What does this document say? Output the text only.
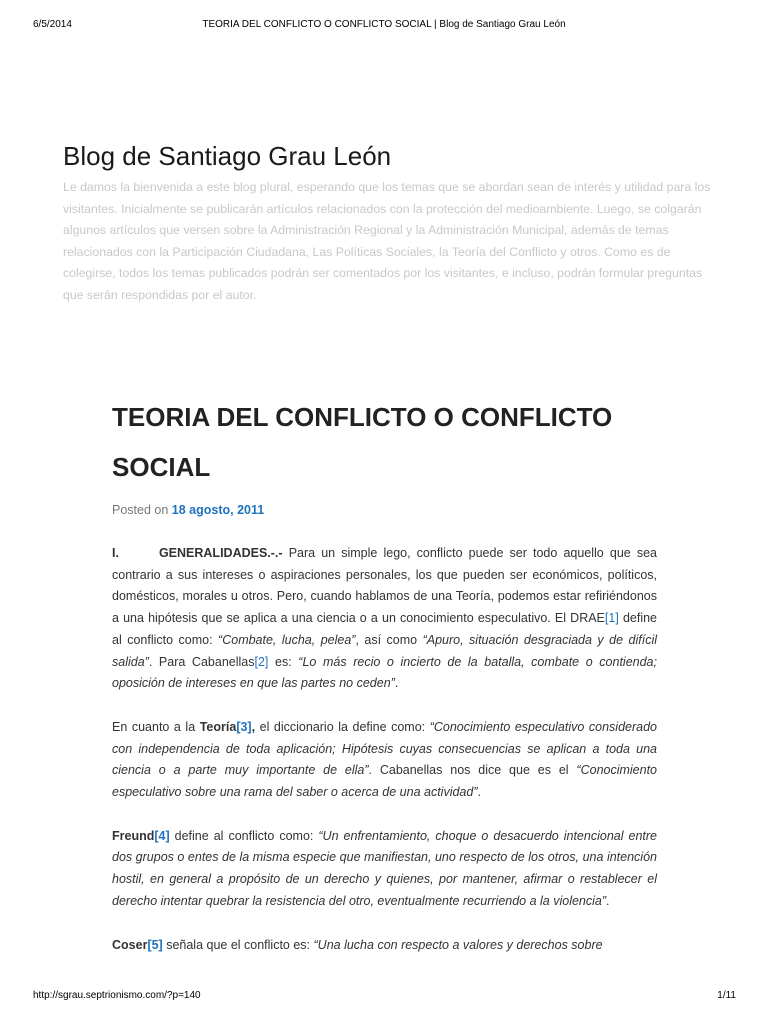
6/5/2014	TEORIA DEL CONFLICTO O CONFLICTO SOCIAL | Blog de Santiago Grau León
Blog de Santiago Grau León

Le damos la bienvenida a este blog plural, esperando que los temas que se abordan sean de interés y utilidad para los visitantes. Inicialmente se publicarán artículos relacionados con la protección del medioambiente. Luego, se colgarán algunos artículos que versen sobre la Administración Regional y la Administración Municipal, además de temas relacionados con la Participación Ciudadana, Las Políticas Sociales, la Teoría del Conflicto y otros. Como es de colegirse, todos los temas publicados podrán ser comentados por los visitantes, e incluso, podrán formular preguntas que serán respondidas por el autor.

TEORIA DEL CONFLICTO O CONFLICTO SOCIAL
Posted on 18 agosto, 2011

I.	GENERALIDADES.-.- Para un simple lego, conflicto puede ser todo aquello que sea contrario a sus intereses o aspiraciones personales, los que pueden ser económicos, políticos, domésticos, morales u otros. Pero, cuando hablamos de una Teoría, podemos estar refiriéndonos a una hipótesis que se aplica a una ciencia o a un conocimiento especulativo. El DRAE[1] define al conflicto como: “Combate, lucha, pelea”, así como “Apuro, situación desgraciada y de difícil salida”. Para Cabanellas[2] es: “Lo más recio o incierto de la batalla, combate o contienda; oposición de intereses en que las partes no ceden”.

En cuanto a la Teoría[3], el diccionario la define como: “Conocimiento especulativo considerado con independencia de toda aplicación; Hipótesis cuyas consecuencias se aplican a toda una ciencia o a parte muy importante de ella”. Cabanellas nos dice que es el “Conocimiento especulativo sobre una rama del saber o acerca de una actividad”.

Freund[4] define al conflicto como: “Un enfrentamiento, choque o desacuerdo intencional entre dos grupos o entes de la misma especie que manifiestan, uno respecto de los otros, una intención hostil, en general a propósito de un derecho y quienes, por mantener, afirmar o restablecer el derecho intentar quebrar la resistencia del otro, eventualmente recurriendo a la violencia”.

Coser[5] señala que el conflicto es: “Una lucha con respecto a valores y derechos sobre

http://sgrau.septrionismo.com/?p=140	1/11
